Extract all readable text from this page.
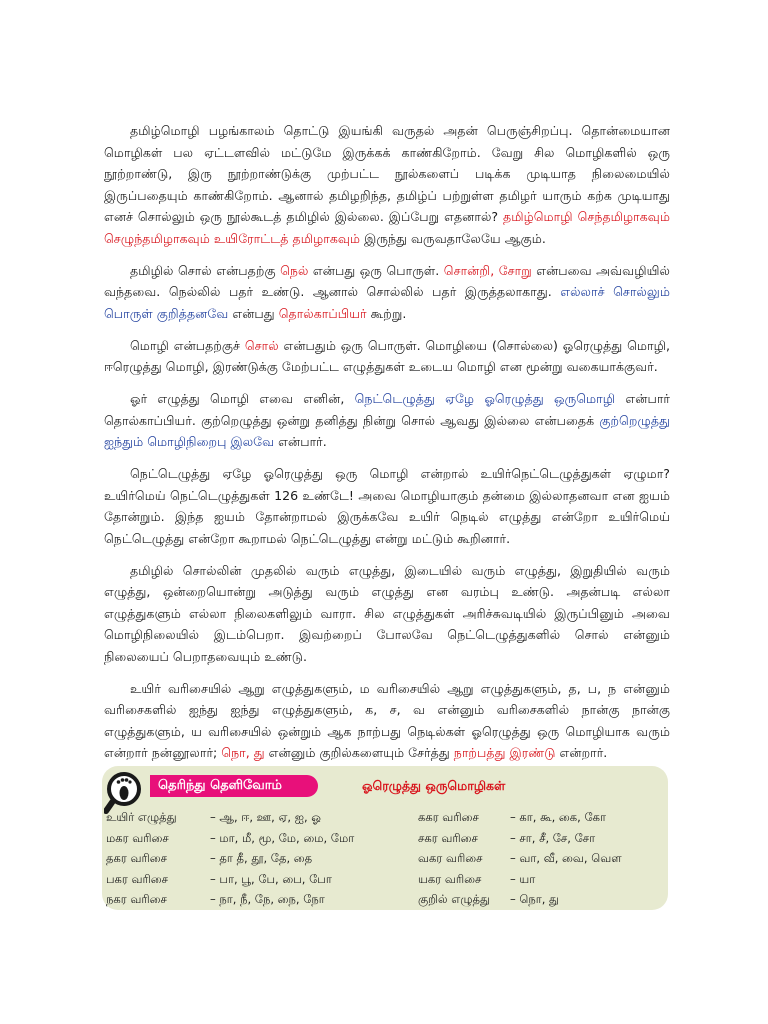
தமிழ்மொழி பழங்காலம் தொட்டு இயங்கி வருதல் அதன் பெருஞ்சிறப்பு. தொன்மையான மொழிகள் பல ஏட்டளவில் மட்டுமே இருக்கக் காண்கிறோம். வேறு சில மொழிகளில் ஒரு நூற்றாண்டு, இரு நூற்றாண்டுக்கு முற்பட்ட நூல்களைப் படிக்க முடியாத நிலைமையில் இருப்பதையும் காண்கிறோம். ஆனால் தமிழறிந்த, தமிழ்ப் பற்றுள்ள தமிழர் யாரும் கற்க முடியாது எனச் சொல்லும் ஒரு நூல்கூடத் தமிழில் இல்லை. இப்பேறு எதனால்? தமிழ்மொழி செந்தமிழாகவும் செழுந்தமிழாகவும் உயிரோட்டத் தமிழாகவும் இருந்து வருவதாலேயே ஆகும்.

தமிழில் சொல் என்பதற்கு நெல் என்பது ஒரு பொருள். சொன்றி, சோறு என்பவை அவ்வழியில் வந்தவை. நெல்லில் பதர் உண்டு. ஆனால் சொல்லில் பதர் இருத்தலாகாது. எல்லாச் சொல்லும் பொருள் குறித்தனவே என்பது தொல்காப்பியர் கூற்று.

மொழி என்பதற்குச் சொல் என்பதும் ஒரு பொருள். மொழியை (சொல்லை) ஓரெழுத்து மொழி, ஈரெழுத்து மொழி, இரண்டுக்கு மேற்பட்ட எழுத்துகள் உடைய மொழி என மூன்று வகையாக்குவர்.

ஓர் எழுத்து மொழி எவை எனின், நெட்டெழுத்து ஏழே ஓரெழுத்து ஒருமொழி என்பார் தொல்காப்பியர். குற்றெழுத்து ஒன்று தனித்து நின்று சொல் ஆவது இல்லை என்பதைக் குற்றெழுத்து ஐந்தும் மொழிநிறைபு இலவே என்பார்.

நெட்டெழுத்து ஏழே ஓரெழுத்து ஒரு மொழி என்றால் உயிர்நெட்டெழுத்துகள் ஏழுமா? உயிர்மெய் நெட்டெழுத்துகள் 126 உண்டே! அவை மொழியாகும் தன்மை இல்லாதனவா என ஐயம் தோன்றும். இந்த ஐயம் தோன்றாமல் இருக்கவே உயிர் நெடில் எழுத்து என்றோ உயிர்மெய் நெட்டெழுத்து என்றோ கூறாமல் நெட்டெழுத்து என்று மட்டும் கூறினார்.

தமிழில் சொல்லின் முதலில் வரும் எழுத்து, இடையில் வரும் எழுத்து, இறுதியில் வரும் எழுத்து, ஒன்றையொன்று அடுத்து வரும் எழுத்து என வரம்பு உண்டு. அதன்படி எல்லா எழுத்துகளும் எல்லா நிலைகளிலும் வாரா. சில எழுத்துகள் அரிச்சுவடியில் இருப்பினும் அவை மொழிநிலையில் இடம்பெறா. இவற்றைப் போலவே நெட்டெழுத்துகளில் சொல் என்னும் நிலையைப் பெறாதவையும் உண்டு.

உயிர் வரிசையில் ஆறு எழுத்துகளும், ம வரிசையில் ஆறு எழுத்துகளும், த, ப, ந என்னும் வரிசைகளில் ஐந்து ஐந்து எழுத்துகளும், க, ச, வ என்னும் வரிசைகளில் நான்கு நான்கு எழுத்துகளும், ய வரிசையில் ஒன்றும் ஆக நாற்பது நெடில்கள் ஓரெழுத்து ஒரு மொழியாக வரும் என்றார் நன்னூலார்; நொ, து என்னும் குறில்களையும் சேர்த்து நாற்பத்து இரண்டு என்றார்.

தெரிந்து தெளிவோம்	ஓரெழுத்து ஒருமொழிகள்
உயிர் எழுத்து	– ஆ, ஈ, ஊ, ஏ, ஐ, ஓ
மகர வரிசை	– மா, மீ, மூ, மே, மை, மோ
தகர வரிசை	– தா தீ, தூ, தே, தை
பகர வரிசை	– பா, பூ, பே, பை, போ
நகர வரிசை	– நா, நீ, நே, நை, நோ
ககர வரிசை	– கா, கூ, கை, கோ
சகர வரிசை	– சா, சீ, சே, சோ
வகர வரிசை – வா, வீ, வை, வெள
யகர வரிசை – யா
குறில் எழுத்து – நொ, து
